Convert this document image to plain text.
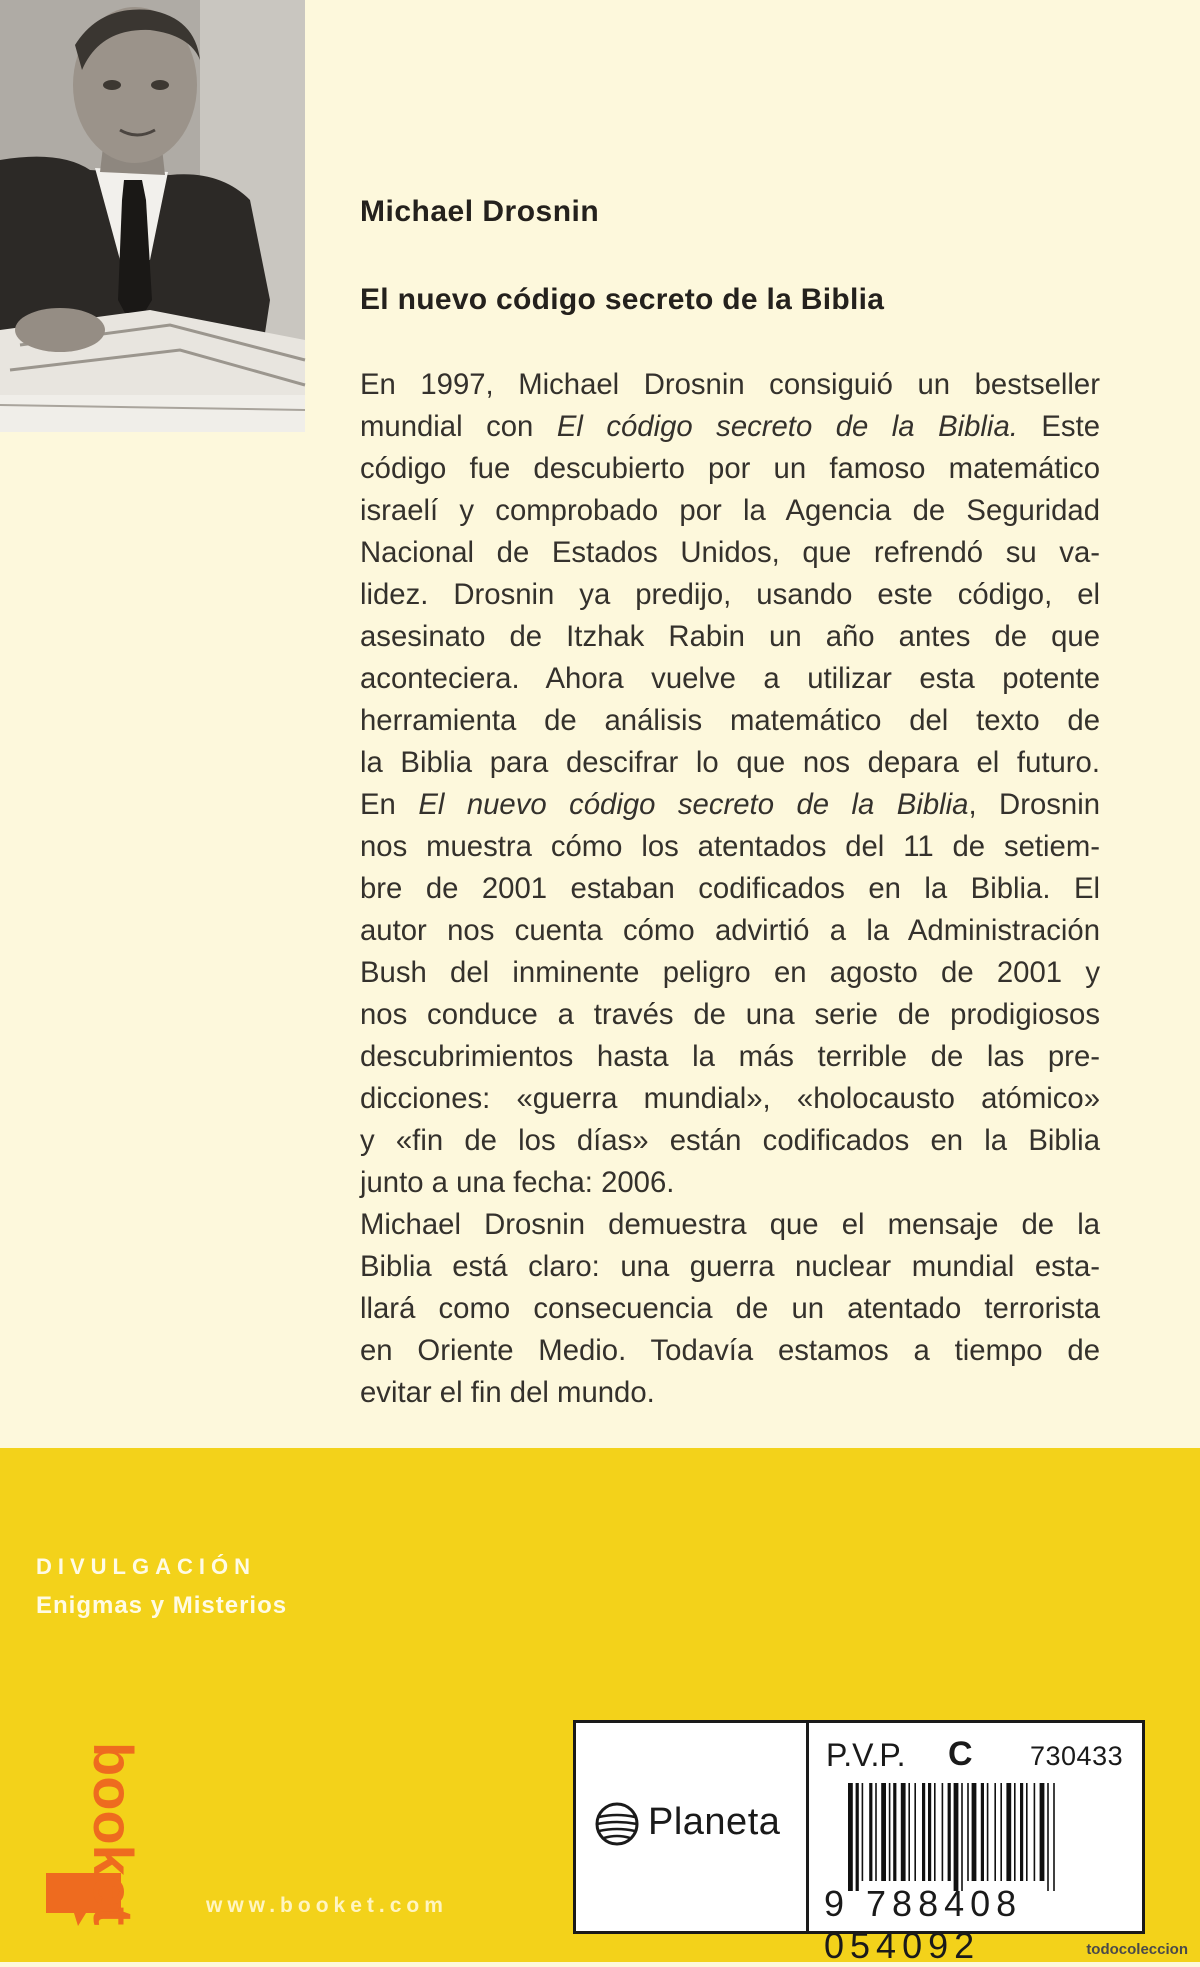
Michael Drosnin
El nuevo código secreto de la Biblia
En 1997, Michael Drosnin consiguió un bestseller
mundial con El código secreto de la Biblia. Este
código fue descubierto por un famoso matemático
israelí y comprobado por la Agencia de Seguridad
Nacional de Estados Unidos, que refrendó su va-
lidez. Drosnin ya predijo, usando este código, el
asesinato de Itzhak Rabin un año antes de que
aconteciera. Ahora vuelve a utilizar esta potente
herramienta de análisis matemático del texto de
la Biblia para descifrar lo que nos depara el futuro.
En El nuevo código secreto de la Biblia, Drosnin
nos muestra cómo los atentados del 11 de setiem-
bre de 2001 estaban codificados en la Biblia. El
autor nos cuenta cómo advirtió a la Administración
Bush del inminente peligro en agosto de 2001 y
nos conduce a través de una serie de prodigiosos
descubrimientos hasta la más terrible de las pre-
dicciones: «guerra mundial», «holocausto atómico»
y «fin de los días» están codificados en la Biblia
junto a una fecha: 2006.
Michael Drosnin demuestra que el mensaje de la
Biblia está claro: una guerra nuclear mundial esta-
llará como consecuencia de un atentado terrorista
en Oriente Medio. Todavía estamos a tiempo de
evitar el fin del mundo.
DIVULGACIÓN
Enigmas y Misterios
booket	www.booket.com
Planeta
P.V.P. C 730433
9 788408 054092	todocoleccion
